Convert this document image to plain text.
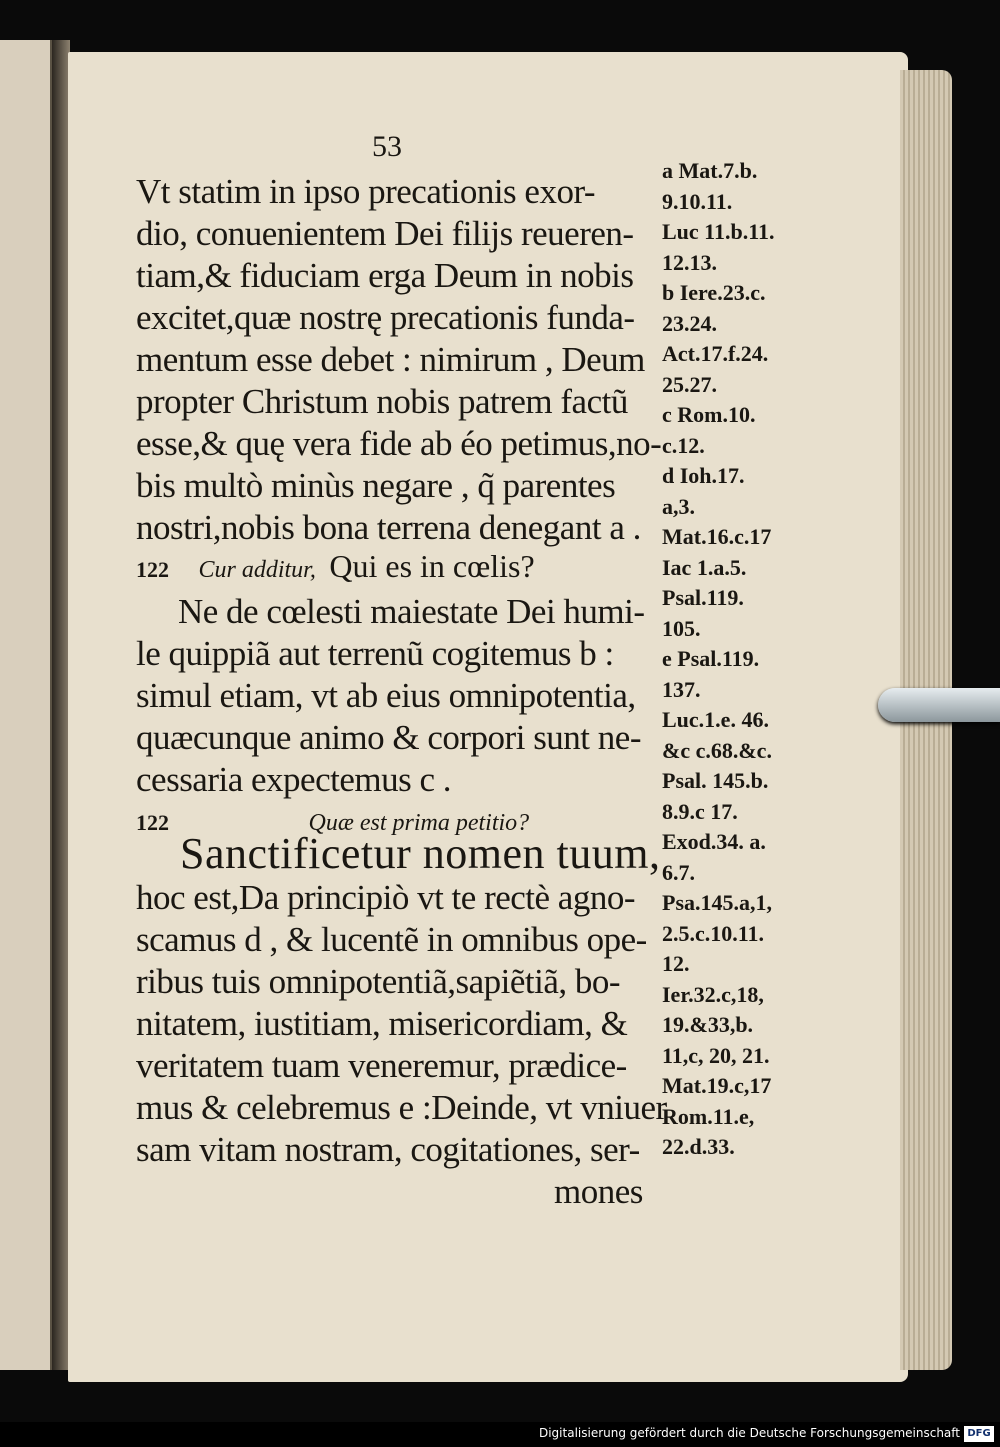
53
Vt statim in ipso precationis exor-
dio, conuenientem Dei filijs reueren-
tiam,& fiduciam erga Deum in nobis
excitet,quæ nostrę precationis funda-
mentum esse debet : nimirum , Deum
propter Christum nobis patrem factũ
esse,& quę vera fide ab éo petimus,no-
bis multò minùs negare , q̃ parentes
nostri,nobis bona terrena denegant a .
122 Cur additur, Qui es in cœlis?
Ne de cœlesti maiestate Dei humi-
le quippiã aut terrenũ cogitemus b :
simul etiam, vt ab eius omnipotentia,
quæcunque animo & corpori sunt ne-
cessaria expectemus c .
122	Quæ est prima petitio?
Sanctificetur nomen tuum,
hoc est,Da principiò vt te rectè agno-
scamus d , & lucentẽ in omnibus ope-
ribus tuis omnipotentiã,sapiẽtiã, bo-
nitatem, iustitiam, misericordiam, &
veritatem tuam veneremur, prædice-
mus & celebremus e :Deinde, vt vniuer
sam vitam nostram, cogitationes, ser-
mones
a Mat.7.b.
9.10.11.
Luc 11.b.11.
12.13.
b Iere.23.c.
23.24.
Act.17.f.24.
25.27.
c Rom.10.
c.12.
d Ioh.17.
a,3.
Mat.16.c.17
Iac 1.a.5.
Psal.119.
105.
e Psal.119.
137.
Luc.1.e. 46.
&c c.68.&c.
Psal. 145.b.
8.9.c 17.
Exod.34. a.
6.7.
Psa.145.a,1,
2.5.c.10.11.
12.
Ier.32.c,18,
19.&33,b.
11,c, 20, 21.
Mat.19.c,17
Rom.11.e,
22.d.33.
Digitalisierung gefördert durch die Deutsche Forschungsgemeinschaft DFG
